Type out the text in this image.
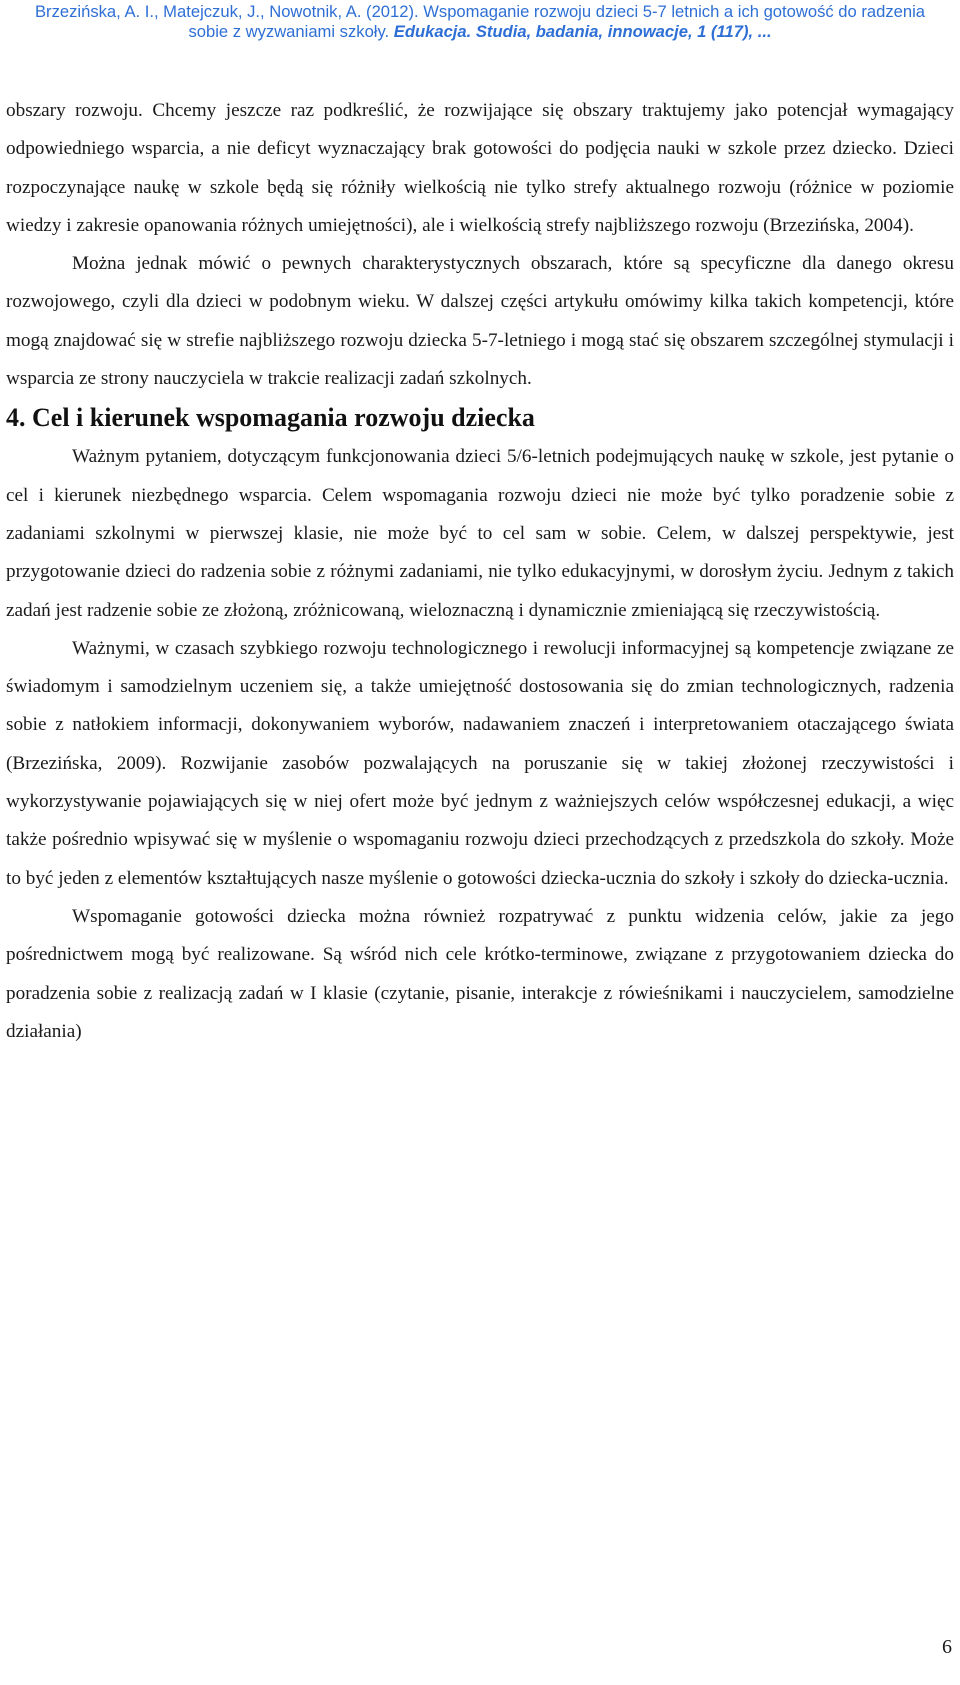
Brzezińska, A. I., Matejczuk, J., Nowotnik, A. (2012). Wspomaganie rozwoju dzieci 5-7 letnich a ich gotowość do radzenia
sobie z wyzwaniami szkoły. Edukacja. Studia, badania, innowacje, 1 (117), ...

obszary rozwoju. Chcemy jeszcze raz podkreślić, że rozwijające się obszary traktujemy jako potencjał wymagający odpowiedniego wsparcia, a nie deficyt wyznaczający brak gotowości do podjęcia nauki w szkole przez dziecko. Dzieci rozpoczynające naukę w szkole będą się różniły wielkością nie tylko strefy aktualnego rozwoju (różnice w poziomie wiedzy i zakresie opanowania różnych umiejętności), ale i wielkością strefy najbliższego rozwoju (Brzezińska, 2004).

Można jednak mówić o pewnych charakterystycznych obszarach, które są specyficzne dla danego okresu rozwojowego, czyli dla dzieci w podobnym wieku. W dalszej części artykułu omówimy kilka takich kompetencji, które mogą znajdować się w strefie najbliższego rozwoju dziecka 5-7-letniego i mogą stać się obszarem szczególnej stymulacji i wsparcia ze strony nauczyciela w trakcie realizacji zadań szkolnych.

4. Cel i kierunek wspomagania rozwoju dziecka

Ważnym pytaniem, dotyczącym funkcjonowania dzieci 5/6-letnich podejmujących naukę w szkole, jest pytanie o cel i kierunek niezbędnego wsparcia. Celem wspomagania rozwoju dzieci nie może być tylko poradzenie sobie z zadaniami szkolnymi w pierwszej klasie, nie może być to cel sam w sobie. Celem, w dalszej perspektywie, jest przygotowanie dzieci do radzenia sobie z różnymi zadaniami, nie tylko edukacyjnymi, w dorosłym życiu. Jednym z takich zadań jest radzenie sobie ze złożoną, zróżnicowaną, wieloznaczną i dynamicznie zmieniającą się rzeczywistością.

Ważnymi, w czasach szybkiego rozwoju technologicznego i rewolucji informacyjnej są kompetencje związane ze świadomym i samodzielnym uczeniem się, a także umiejętność dostosowania się do zmian technologicznych, radzenia sobie z natłokiem informacji, dokonywaniem wyborów, nadawaniem znaczeń i interpretowaniem otaczającego świata (Brzezińska, 2009). Rozwijanie zasobów pozwalających na poruszanie się w takiej złożonej rzeczywistości i wykorzystywanie pojawiających się w niej ofert może być jednym z ważniejszych celów współczesnej edukacji, a więc także pośrednio wpisywać się w myślenie o wspomaganiu rozwoju dzieci przechodzących z przedszkola do szkoły. Może to być jeden z elementów kształtujących nasze myślenie o gotowości dziecka-ucznia do szkoły i szkoły do dziecka-ucznia.

Wspomaganie gotowości dziecka można również rozpatrywać z punktu widzenia celów, jakie za jego pośrednictwem mogą być realizowane. Są wśród nich cele krótko-terminowe, związane z przygotowaniem dziecka do poradzenia sobie z realizacją zadań w I klasie (czytanie, pisanie, interakcje z rówieśnikami i nauczycielem, samodzielne działania)

6
